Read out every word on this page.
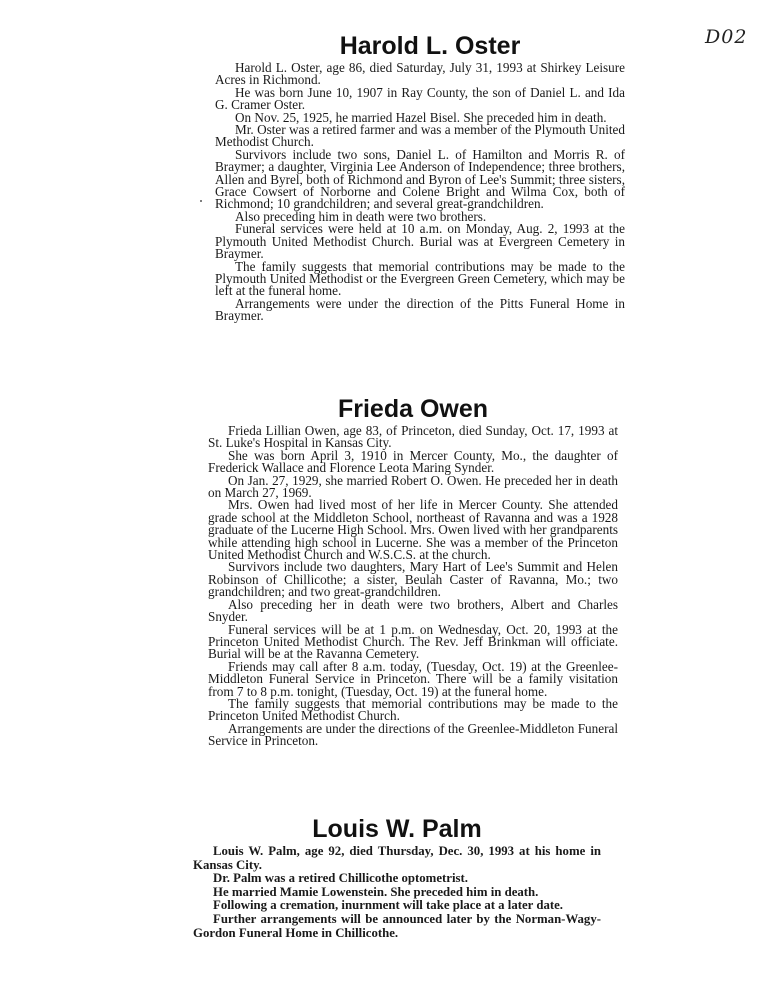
D02
Harold L. Oster

Harold L. Oster, age 86, died Saturday, July 31, 1993 at Shirkey Leisure Acres in Richmond.

He was born June 10, 1907 in Ray County, the son of Daniel L. and Ida G. Cramer Oster.

On Nov. 25, 1925, he married Hazel Bisel. She preceded him in death.

Mr. Oster was a retired farmer and was a member of the Plymouth United Methodist Church.

Survivors include two sons, Daniel L. of Hamilton and Morris R. of Braymer; a daughter, Virginia Lee Anderson of Independence; three brothers, Allen and Byrel, both of Richmond and Byron of Lee's Summit; three sisters, Grace Cowsert of Norborne and Colene Bright and Wilma Cox, both of Richmond; 10 grandchildren; and several great-grandchildren.

Also preceding him in death were two brothers.

Funeral services were held at 10 a.m. on Monday, Aug. 2, 1993 at the Plymouth United Methodist Church. Burial was at Evergreen Cemetery in Braymer.

The family suggests that memorial contributions may be made to the Plymouth United Methodist or the Evergreen Green Cemetery, which may be left at the funeral home.

Arrangements were under the direction of the Pitts Funeral Home in Braymer.

Frieda Owen

Frieda Lillian Owen, age 83, of Princeton, died Sunday, Oct. 17, 1993 at St. Luke's Hospital in Kansas City.

She was born April 3, 1910 in Mercer County, Mo., the daughter of Frederick Wallace and Florence Leota Maring Synder.

On Jan. 27, 1929, she married Robert O. Owen. He preceded her in death on March 27, 1969.

Mrs. Owen had lived most of her life in Mercer County. She attended grade school at the Middleton School, northeast of Ravanna and was a 1928 graduate of the Lucerne High School. Mrs. Owen lived with her grandparents while attending high school in Lucerne. She was a member of the Princeton United Methodist Church and W.S.C.S. at the church.

Survivors include two daughters, Mary Hart of Lee's Summit and Helen Robinson of Chillicothe; a sister, Beulah Caster of Ravanna, Mo.; two grandchildren; and two great-grandchildren.

Also preceding her in death were two brothers, Albert and Charles Snyder.

Funeral services will be at 1 p.m. on Wednesday, Oct. 20, 1993 at the Princeton United Methodist Church. The Rev. Jeff Brinkman will officiate. Burial will be at the Ravanna Cemetery.

Friends may call after 8 a.m. today, (Tuesday, Oct. 19) at the Greenlee-Middleton Funeral Service in Princeton. There will be a family visitation from 7 to 8 p.m. tonight, (Tuesday, Oct. 19) at the funeral home.

The family suggests that memorial contributions may be made to the Princeton United Methodist Church.

Arrangements are under the directions of the Greenlee-Middleton Funeral Service in Princeton.

Louis W. Palm

Louis W. Palm, age 92, died Thursday, Dec. 30, 1993 at his home in Kansas City.

Dr. Palm was a retired Chillicothe optometrist.

He married Mamie Lowenstein. She preceded him in death.

Following a cremation, inurnment will take place at a later date.

Further arrangements will be announced later by the Norman-Wagy-Gordon Funeral Home in Chillicothe.
